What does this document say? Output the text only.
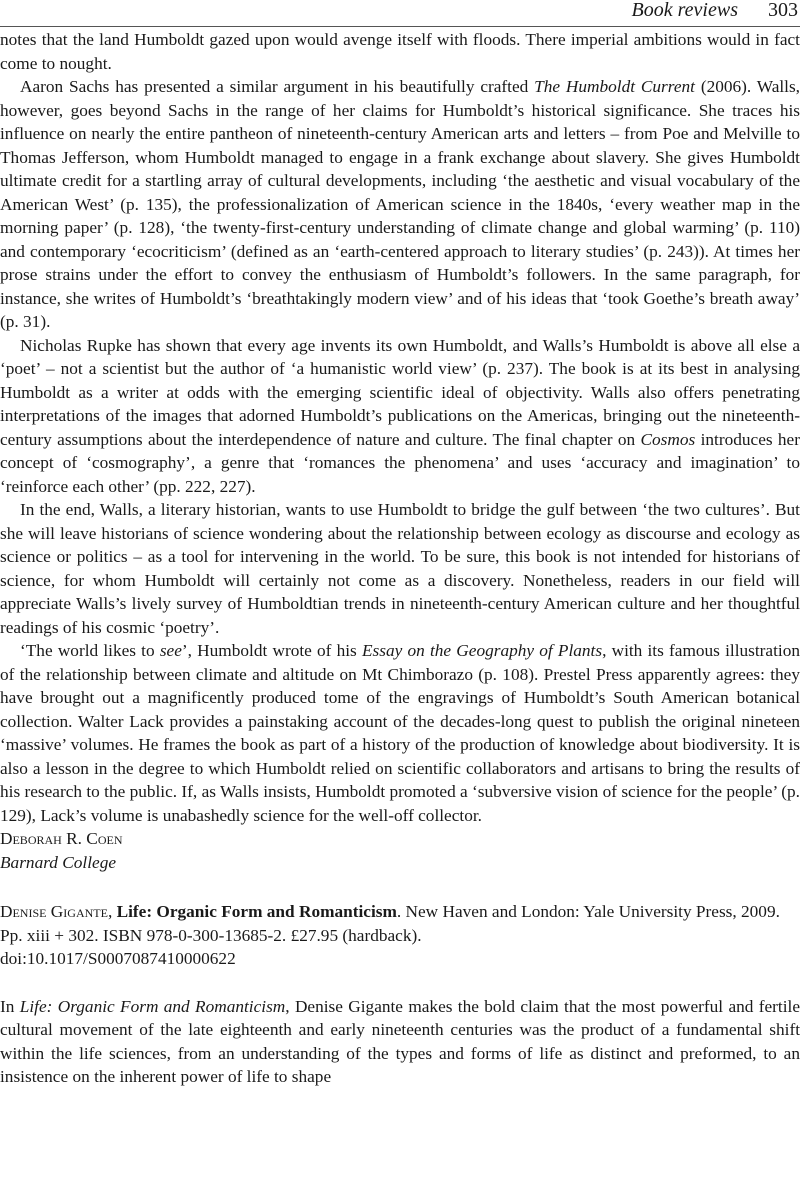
Book reviews 303

notes that the land Humboldt gazed upon would avenge itself with floods. There imperial ambitions would in fact come to nought.

Aaron Sachs has presented a similar argument in his beautifully crafted The Humboldt Current (2006). Walls, however, goes beyond Sachs in the range of her claims for Humboldt’s historical significance. She traces his influence on nearly the entire pantheon of nineteenth-century American arts and letters – from Poe and Melville to Thomas Jefferson, whom Humboldt managed to engage in a frank exchange about slavery. She gives Humboldt ultimate credit for a startling array of cultural developments, including ‘the aesthetic and visual vocabulary of the American West’ (p. 135), the professionalization of American science in the 1840s, ‘every weather map in the morning paper’ (p. 128), ‘the twenty-first-century understanding of climate change and global warming’ (p. 110) and contemporary ‘ecocriticism’ (defined as an ‘earth-centered approach to literary studies’ (p. 243)). At times her prose strains under the effort to convey the enthusiasm of Humboldt’s followers. In the same paragraph, for instance, she writes of Humboldt’s ‘breathtakingly modern view’ and of his ideas that ‘took Goethe’s breath away’ (p. 31).

Nicholas Rupke has shown that every age invents its own Humboldt, and Walls’s Humboldt is above all else a ‘poet’ – not a scientist but the author of ‘a humanistic world view’ (p. 237). The book is at its best in analysing Humboldt as a writer at odds with the emerging scientific ideal of objectivity. Walls also offers penetrating interpretations of the images that adorned Humboldt’s publications on the Americas, bringing out the nineteenth-century assumptions about the interdependence of nature and culture. The final chapter on Cosmos introduces her concept of ‘cosmography’, a genre that ‘romances the phenomena’ and uses ‘accuracy and imagination’ to ‘reinforce each other’ (pp. 222, 227).

In the end, Walls, a literary historian, wants to use Humboldt to bridge the gulf between ‘the two cultures’. But she will leave historians of science wondering about the relationship between ecology as discourse and ecology as science or politics – as a tool for intervening in the world. To be sure, this book is not intended for historians of science, for whom Humboldt will certainly not come as a discovery. Nonetheless, readers in our field will appreciate Walls’s lively survey of Humboldtian trends in nineteenth-century American culture and her thoughtful readings of his cosmic ‘poetry’.

‘The world likes to see’, Humboldt wrote of his Essay on the Geography of Plants, with its famous illustration of the relationship between climate and altitude on Mt Chimborazo (p. 108). Prestel Press apparently agrees: they have brought out a magnificently produced tome of the engravings of Humboldt’s South American botanical collection. Walter Lack provides a painstaking account of the decades-long quest to publish the original nineteen ‘massive’ volumes. He frames the book as part of a history of the production of knowledge about biodiversity. It is also a lesson in the degree to which Humboldt relied on scientific collaborators and artisans to bring the results of his research to the public. If, as Walls insists, Humboldt promoted a ‘subversive vision of science for the people’ (p. 129), Lack’s volume is unabashedly science for the well-off collector.

Deborah R. Coen

Barnard College

Denise Gigante, Life: Organic Form and Romanticism. New Haven and London: Yale University Press, 2009. Pp. xiii + 302. ISBN 978-0-300-13685-2. £27.95 (hardback).

doi:10.1017/S0007087410000622

In Life: Organic Form and Romanticism, Denise Gigante makes the bold claim that the most powerful and fertile cultural movement of the late eighteenth and early nineteenth centuries was the product of a fundamental shift within the life sciences, from an understanding of the types and forms of life as distinct and preformed, to an insistence on the inherent power of life to shape
